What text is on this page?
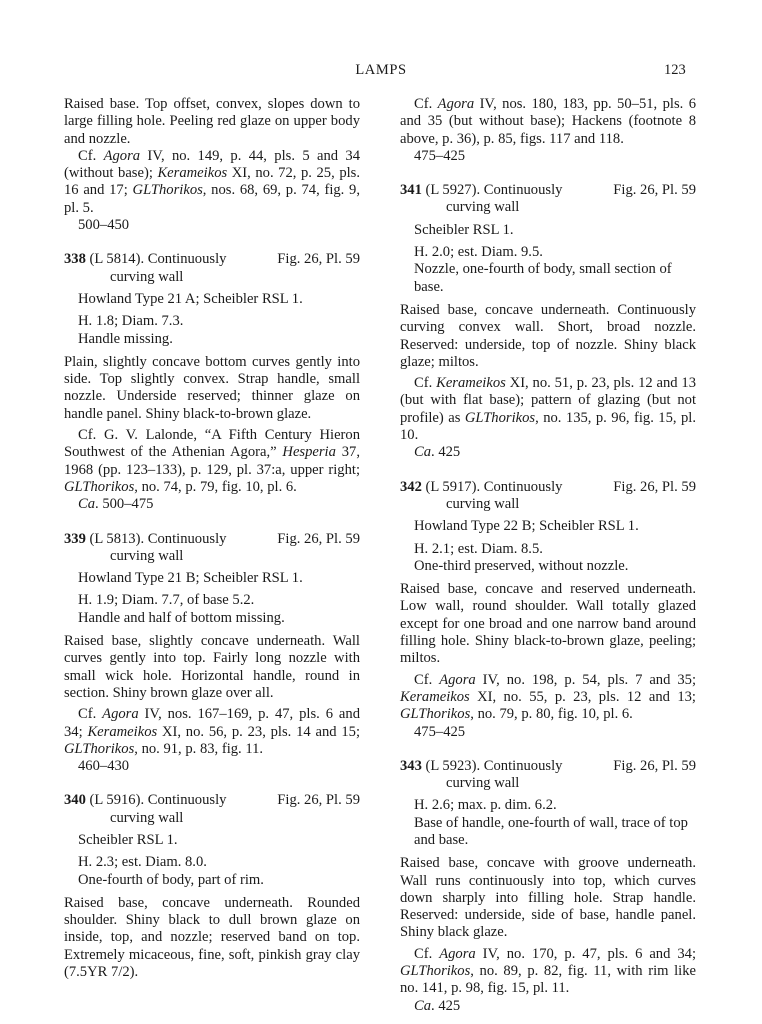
LAMPS	123

Raised base. Top offset, convex, slopes down to large filling hole. Peeling red glaze on upper body and nozzle.

Cf. Agora IV, no. 149, p. 44, pls. 5 and 34 (without base); Kerameikos XI, no. 72, p. 25, pls. 16 and 17; GLThorikos, nos. 68, 69, p. 74, fig. 9, pl. 5.

500–450

338 (L 5814). Continuously
curving wall
Fig. 26, Pl. 59

Howland Type 21 A; Scheibler RSL 1.

H. 1.8; Diam. 7.3.

Handle missing.

Plain, slightly concave bottom curves gently into side. Top slightly convex. Strap handle, small nozzle. Underside reserved; thinner glaze on handle panel. Shiny black-to-brown glaze.

Cf. G. V. Lalonde, “A Fifth Century Hieron Southwest of the Athenian Agora,” Hesperia 37, 1968 (pp. 123–133), p. 129, pl. 37:a, upper right; GLThorikos, no. 74, p. 79, fig. 10, pl. 6.

Ca. 500–475

339 (L 5813). Continuously
curving wall
Fig. 26, Pl. 59

Howland Type 21 B; Scheibler RSL 1.

H. 1.9; Diam. 7.7, of base 5.2.

Handle and half of bottom missing.

Raised base, slightly concave underneath. Wall curves gently into top. Fairly long nozzle with small wick hole. Horizontal handle, round in section. Shiny brown glaze over all.

Cf. Agora IV, nos. 167–169, p. 47, pls. 6 and 34; Kerameikos XI, no. 56, p. 23, pls. 14 and 15; GLThorikos, no. 91, p. 83, fig. 11.

460–430

340 (L 5916). Continuously
curving wall
Fig. 26, Pl. 59

Scheibler RSL 1.

H. 2.3; est. Diam. 8.0.

One-fourth of body, part of rim.

Raised base, concave underneath. Rounded shoulder. Shiny black to dull brown glaze on inside, top, and nozzle; reserved band on top. Extremely micaceous, fine, soft, pinkish gray clay (7.5YR 7/2).

Cf. Agora IV, nos. 180, 183, pp. 50–51, pls. 6 and 35 (but without base); Hackens (footnote 8 above, p. 36), p. 85, figs. 117 and 118.

475–425

341 (L 5927). Continuously
curving wall
Fig. 26, Pl. 59

Scheibler RSL 1.

H. 2.0; est. Diam. 9.5.

Nozzle, one-fourth of body, small section of base.

Raised base, concave underneath. Continuously curving convex wall. Short, broad nozzle. Reserved: underside, top of nozzle. Shiny black glaze; miltos.

Cf. Kerameikos XI, no. 51, p. 23, pls. 12 and 13 (but with flat base); pattern of glazing (but not profile) as GLThorikos, no. 135, p. 96, fig. 15, pl. 10.

Ca. 425

342 (L 5917). Continuously
curving wall
Fig. 26, Pl. 59

Howland Type 22 B; Scheibler RSL 1.

H. 2.1; est. Diam. 8.5.

One-third preserved, without nozzle.

Raised base, concave and reserved underneath. Low wall, round shoulder. Wall totally glazed except for one broad and one narrow band around filling hole. Shiny black-to-brown glaze, peeling; miltos.

Cf. Agora IV, no. 198, p. 54, pls. 7 and 35; Kerameikos XI, no. 55, p. 23, pls. 12 and 13; GLThorikos, no. 79, p. 80, fig. 10, pl. 6.

475–425

343 (L 5923). Continuously
curving wall
Fig. 26, Pl. 59

H. 2.6; max. p. dim. 6.2.

Base of handle, one-fourth of wall, trace of top and base.

Raised base, concave with groove underneath. Wall runs continuously into top, which curves down sharply into filling hole. Strap handle. Reserved: underside, side of base, handle panel. Shiny black glaze.

Cf. Agora IV, no. 170, p. 47, pls. 6 and 34; GLThorikos, no. 89, p. 82, fig. 11, with rim like no. 141, p. 98, fig. 15, pl. 11.

Ca. 425
